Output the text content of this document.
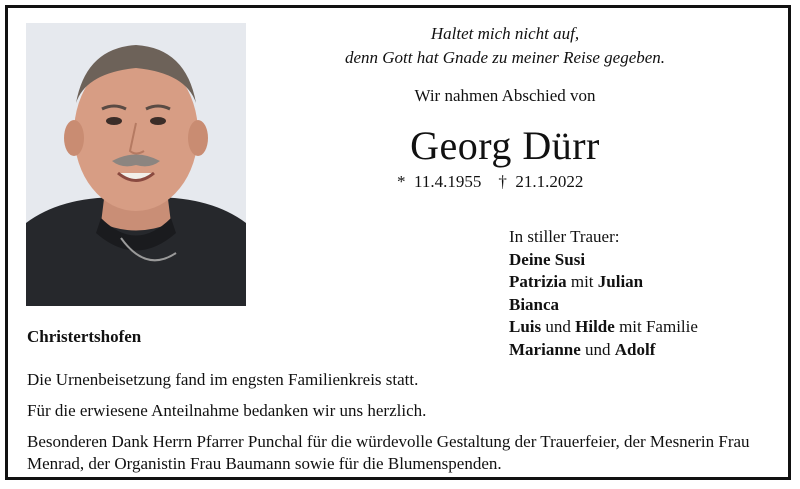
Haltet mich nicht auf,
denn Gott hat Gnade zu meiner Reise gegeben.
Wir nahmen Abschied von
Georg Dürr
* 11.4.1955 † 21.1.2022
In stiller Trauer:
Deine Susi
Patrizia mit Julian
Bianca
Luis und Hilde mit Familie
Marianne und Adolf
Christertshofen

Die Urnenbeisetzung fand im engsten Familienkreis statt.

Für die erwiesene Anteilnahme bedanken wir uns herzlich.

Besonderen Dank Herrn Pfarrer Punchal für die würdevolle Gestaltung der Trauerfeier, der Mesnerin Frau Menrad, der Organistin Frau Baumann sowie für die Blumenspenden.
